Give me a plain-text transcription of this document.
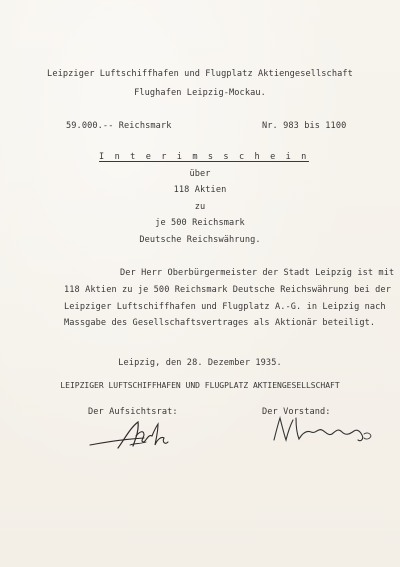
Leipziger Luftschiffhafen und Flugplatz Aktiengesellschaft
Flughafen Leipzig-Mockau.
59.000.-- Reichsmark	Nr. 983 bis 1100
I n t e r i m s s c h e i n
über
118 Aktien
zu
je 500 Reichsmark
Deutsche Reichswährung.
Der Herr Oberbürgermeister der Stadt Leipzig ist mit
118 Aktien zu je 500 Reichsmark Deutsche Reichswährung bei der
Leipziger Luftschiffhafen und Flugplatz A.-G. in Leipzig nach
Massgabe des Gesellschaftsvertrages als Aktionär beteiligt.
Leipzig, den 28. Dezember 1935.
LEIPZIGER LUFTSCHIFFHAFEN UND FLUGPLATZ AKTIENGESELLSCHAFT
Der Aufsichtsrat:	Der Vorstand:
